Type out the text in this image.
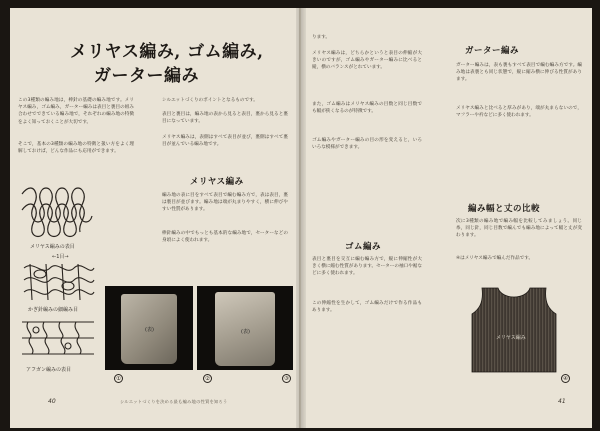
メリヤス編み, ゴム編み,
ガーター編み
この3種類の編み地は，棒針の基礎の編み地です。メリヤス編み，ゴム編み，ガーター編みは表目と裏目の組み合わせでできている編み地で，それぞれの編み地の特徴をよく知っておくことが大切です。
そこで，基本の3種類の編み地の特徴と扱い方をよく理解しておけば，どんな作品にも応用ができます。
シルエットづくりのポイントとなるものです。
表目と裏目は，編み地の表から見ると表目，裏から見ると裏目になっています。
メリヤス編みは，表側はすべて表目が並び，裏側はすべて裏目が並んでいる編み地です。
メリヤス編み
編み地の表に目をすべて表目で編む編み方で，表は表目，裏は裏目が並びます。編み地は端が丸まりやすく，横に伸びやすい性質があります。
棒針編みの中でもっとも基本的な編み地で，セーターなどの身頃によく使われます。
メリヤス編みの表目
←1目→
かぎ針編みの細編み目
アフガン編みの表目
(表)	(表)
①	②	③
40	シルエットづくりを決める最も編み地の性質を知ろう
ります。
メリヤス編みは，どちらかというと表目の伸縮が大きいのですが，ゴム編みやガーター編みに比べると縦，横のバランスがとれています。
また，ゴム編みはメリヤス編みの目数と同じ目数でも幅が狭くなるのが特徴です。
ゴム編みやガーター編みの目の形を変えると，いろいろな模様ができます。
ゴム編み
表目と裏目を交互に編む編み方で，縦に伸縮性が大きく横に縮む性質があります。セーターの袖口や裾などに多く使われます。
この伸縮性を生かして，ゴム編みだけで作る作品もあります。
ガーター編み
ガーター編みは，表も裏もすべて表目で編む編み方です。編み地は表裏とも同じ状態で，縦に縮み横に伸びる性質があります。
メリヤス編みと比べると厚みがあり，端が丸まらないので，マフラーや衿などに多く使われます。
編み幅と丈の比較
次に3種類の編み地で編み幅を比較してみましょう。同じ糸，同じ針，同じ目数で編んでも編み地によって幅と丈が変わります。
④はメリヤス編みで編んだ作品です。
メリヤス編み
④
41
